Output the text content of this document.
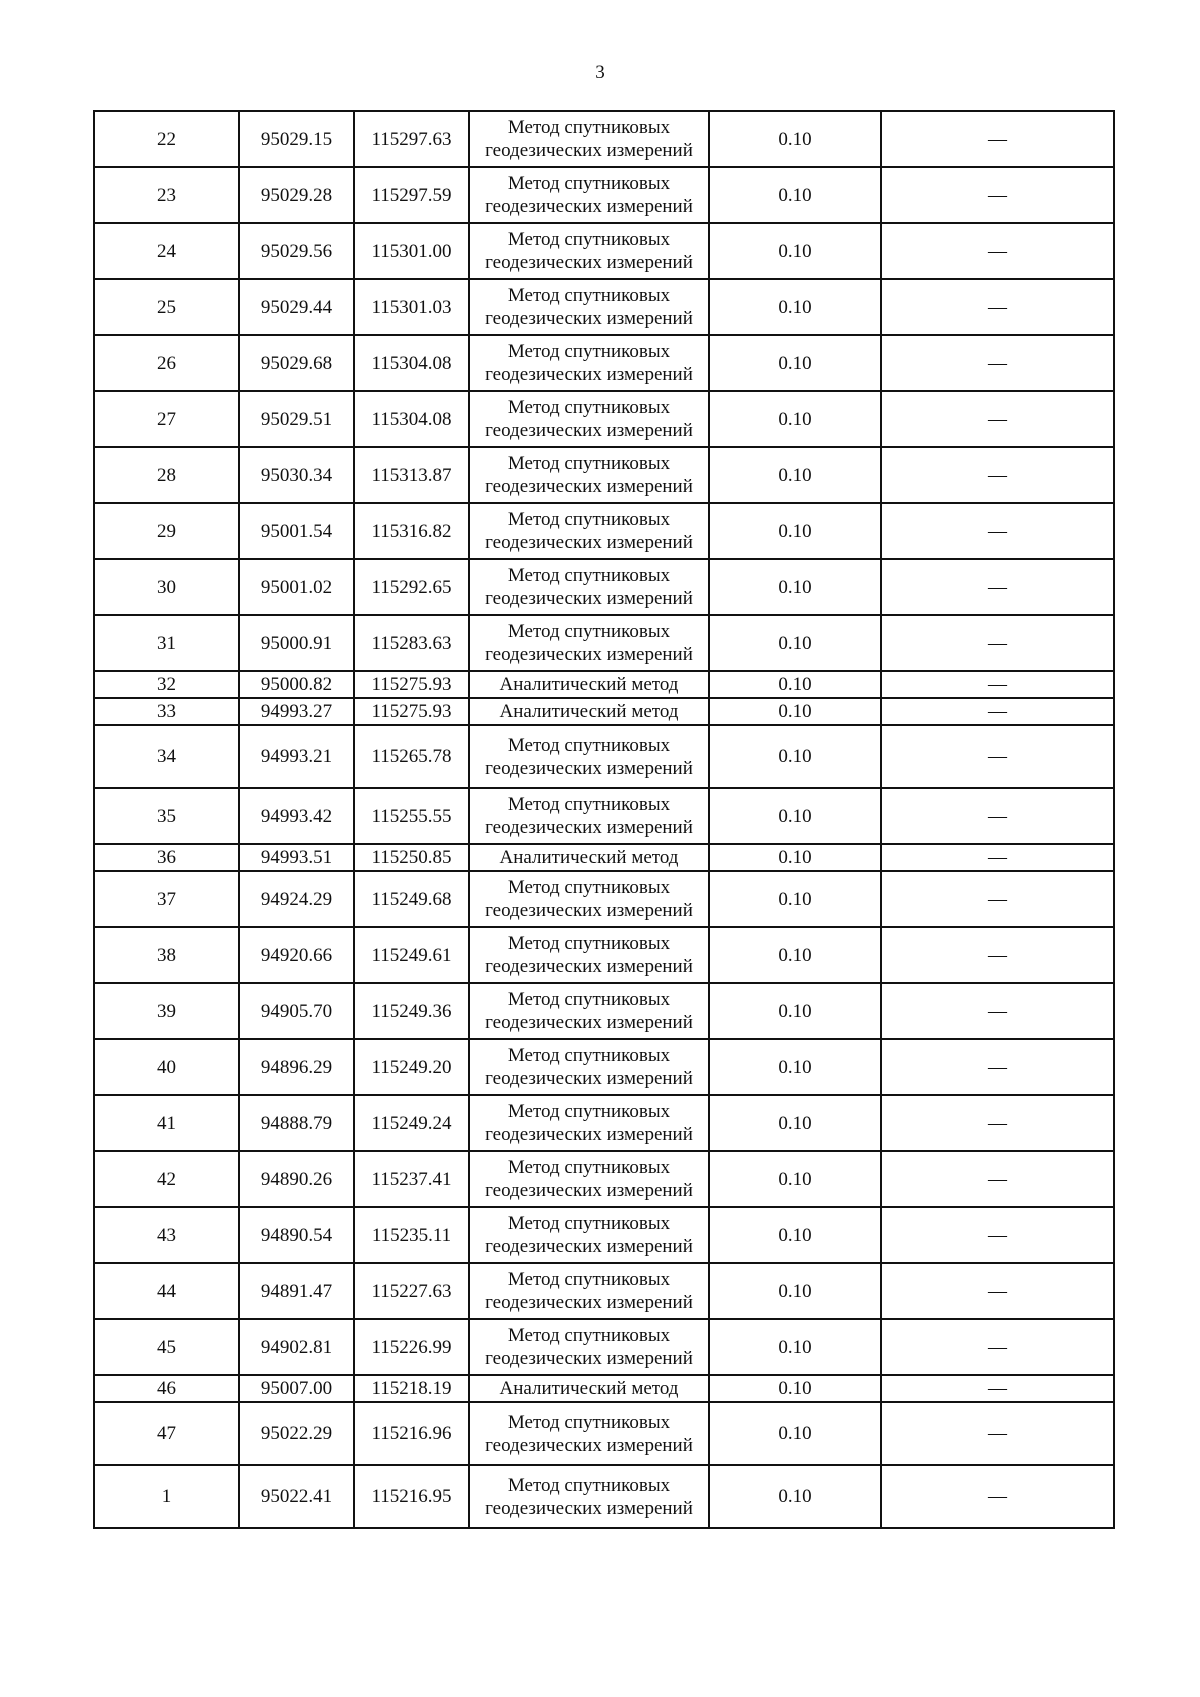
3
22	95029.15	115297.63	Метод спутниковых геодезических измерений	0.10	—
23	95029.28	115297.59	Метод спутниковых геодезических измерений	0.10	—
24	95029.56	115301.00	Метод спутниковых геодезических измерений	0.10	—
25	95029.44	115301.03	Метод спутниковых геодезических измерений	0.10	—
26	95029.68	115304.08	Метод спутниковых геодезических измерений	0.10	—
27	95029.51	115304.08	Метод спутниковых геодезических измерений	0.10	—
28	95030.34	115313.87	Метод спутниковых геодезических измерений	0.10	—
29	95001.54	115316.82	Метод спутниковых геодезических измерений	0.10	—
30	95001.02	115292.65	Метод спутниковых геодезических измерений	0.10	—
31	95000.91	115283.63	Метод спутниковых геодезических измерений	0.10	—
32	95000.82	115275.93	Аналитический метод	0.10	—
33	94993.27	115275.93	Аналитический метод	0.10	—
34	94993.21	115265.78	Метод спутниковых геодезических измерений	0.10	—
35	94993.42	115255.55	Метод спутниковых геодезических измерений	0.10	—
36	94993.51	115250.85	Аналитический метод	0.10	—
37	94924.29	115249.68	Метод спутниковых геодезических измерений	0.10	—
38	94920.66	115249.61	Метод спутниковых геодезических измерений	0.10	—
39	94905.70	115249.36	Метод спутниковых геодезических измерений	0.10	—
40	94896.29	115249.20	Метод спутниковых геодезических измерений	0.10	—
41	94888.79	115249.24	Метод спутниковых геодезических измерений	0.10	—
42	94890.26	115237.41	Метод спутниковых геодезических измерений	0.10	—
43	94890.54	115235.11	Метод спутниковых геодезических измерений	0.10	—
44	94891.47	115227.63	Метод спутниковых геодезических измерений	0.10	—
45	94902.81	115226.99	Метод спутниковых геодезических измерений	0.10	—
46	95007.00	115218.19	Аналитический метод	0.10	—
47	95022.29	115216.96	Метод спутниковых геодезических измерений	0.10	—
1	95022.41	115216.95	Метод спутниковых геодезических измерений	0.10	—
